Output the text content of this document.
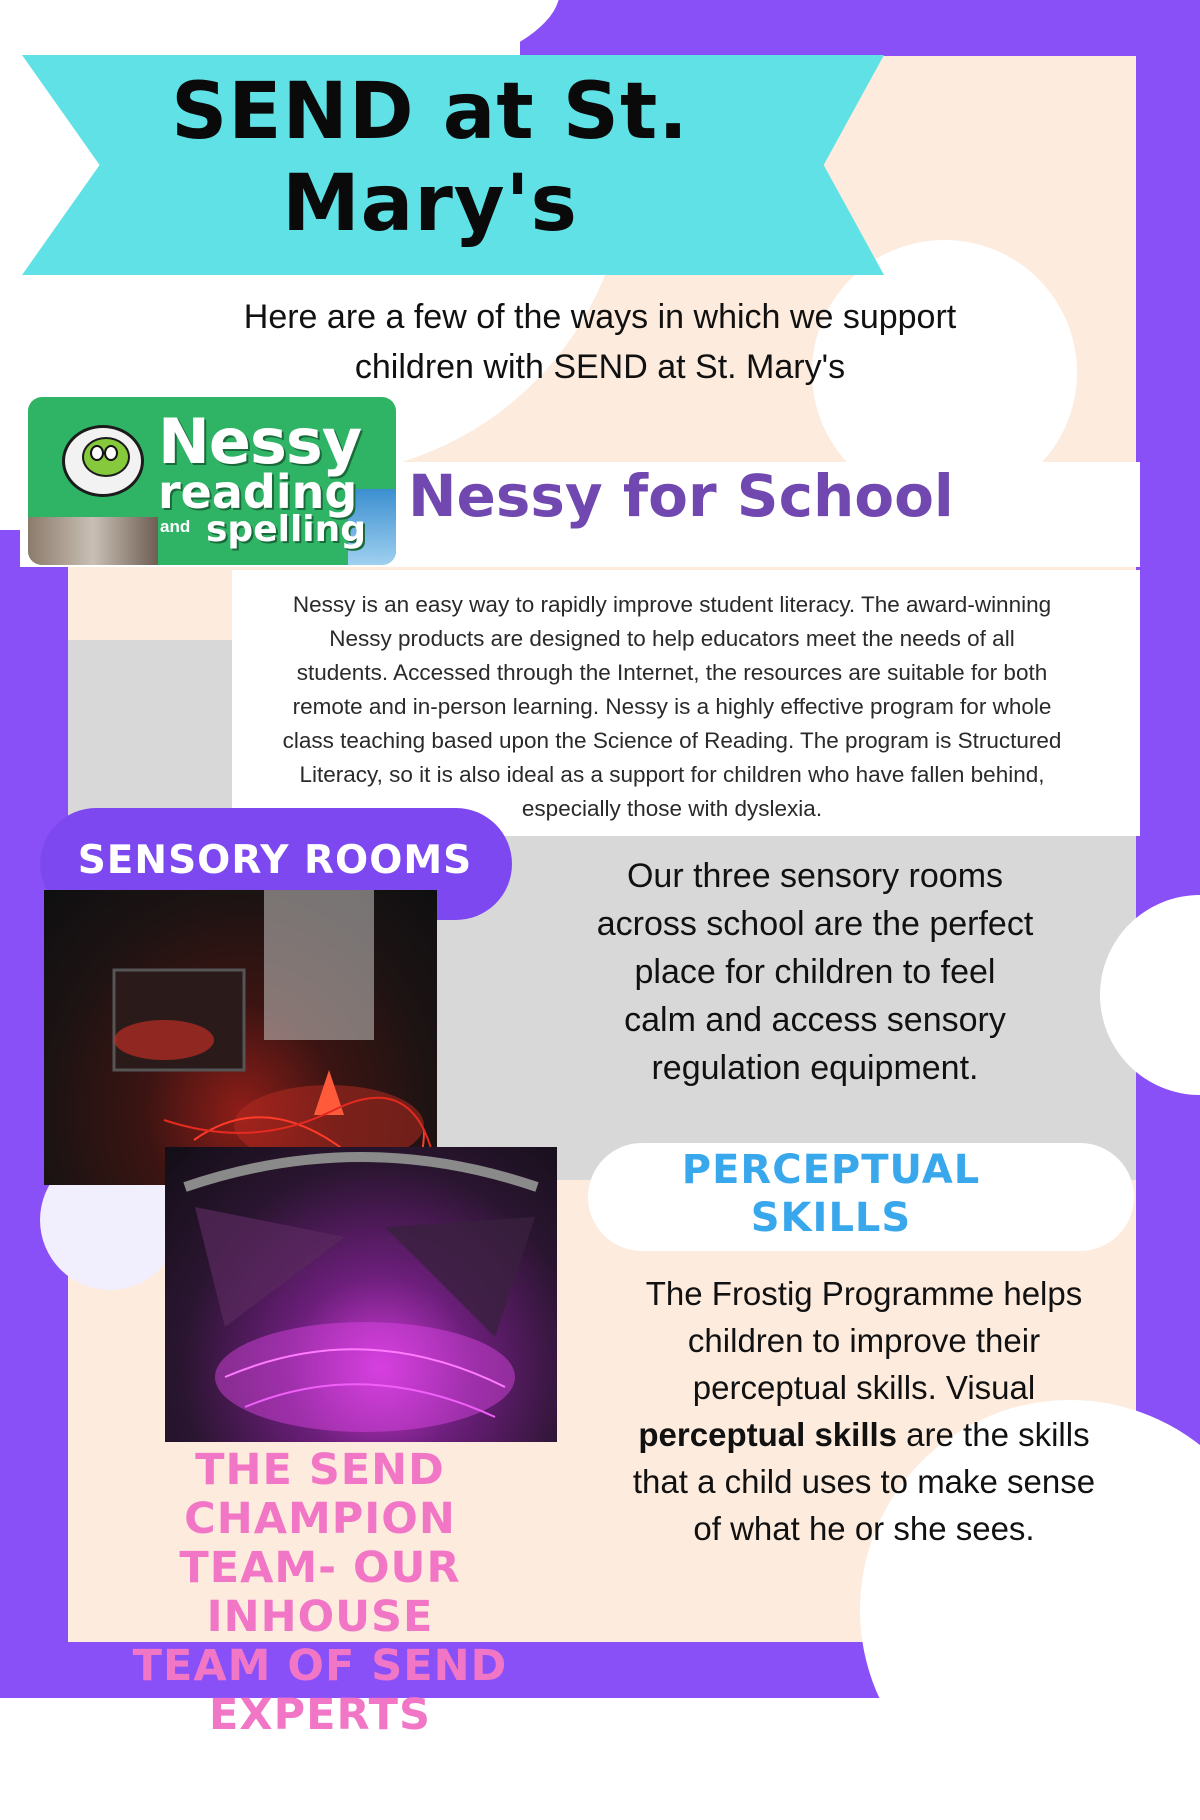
SEND at St.
Mary's
Here are a few of the ways in which we support
children with SEND at St. Mary's
Nessy
reading
and spelling Nessy for School
Nessy is an easy way to rapidly improve student literacy. The award-winning
Nessy products are designed to help educators meet the needs of all
students. Accessed through the Internet, the resources are suitable for both
remote and in-person learning. Nessy is a highly effective program for whole
class teaching based upon the Science of Reading. The program is Structured
Literacy, so it is also ideal as a support for children who have fallen behind,
especially those with dyslexia.
SENSORY ROOMS	Our three sensory rooms
across school are the perfect
place for children to feel
calm and access sensory
regulation equipment.
PERCEPTUAL
SKILLS
The Frostig Programme helps
children to improve their
perceptual skills. Visual
perceptual skills are the skills
that a child uses to make sense
of what he or she sees.
THE SEND CHAMPION
TEAM- OUR INHOUSE
TEAM OF SEND
EXPERTS
